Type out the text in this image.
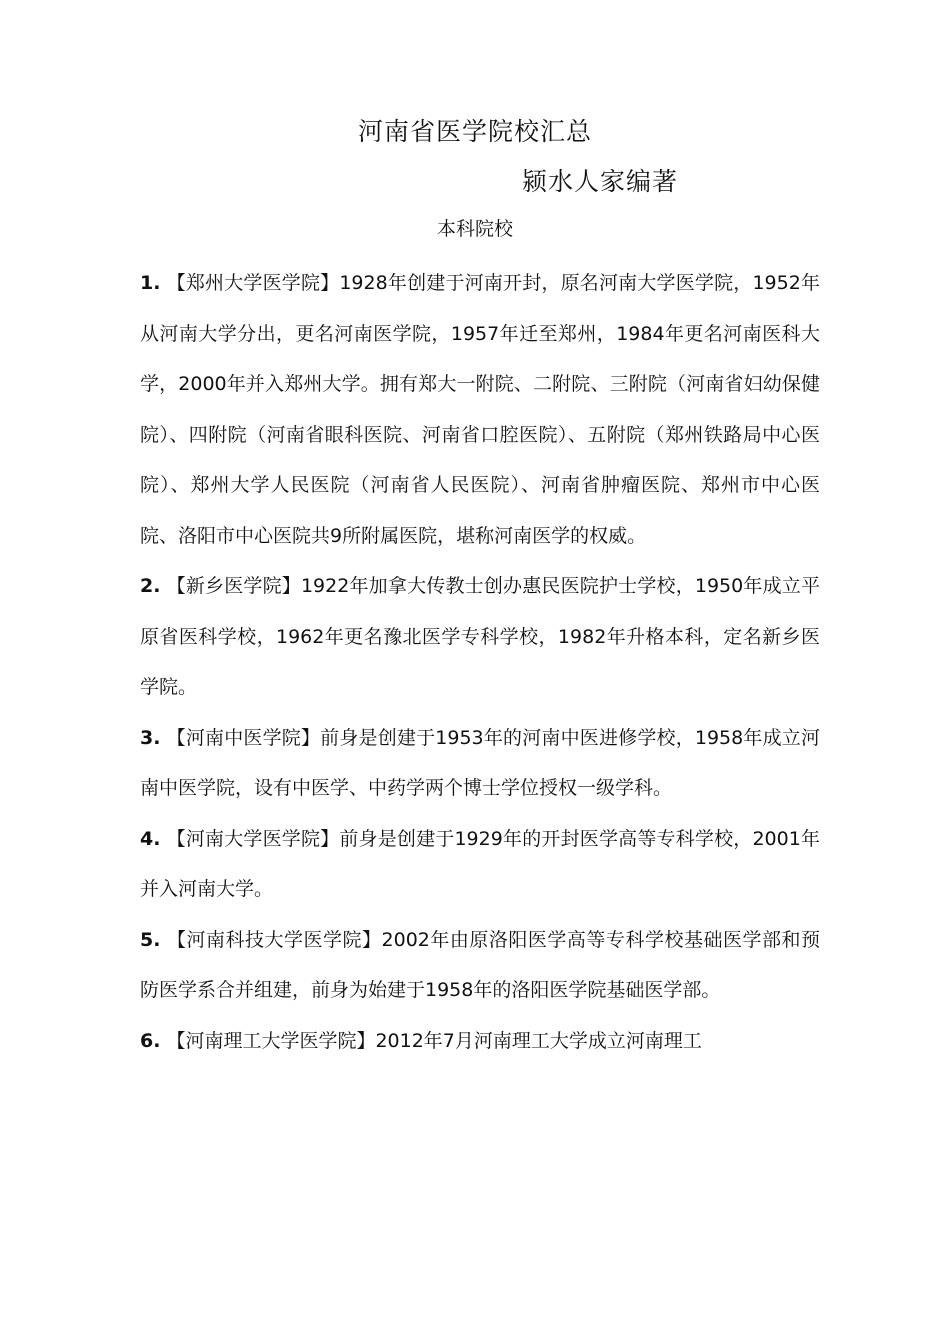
河南省医学院校汇总
颍水人家编著
本科院校

1. 【郑州大学医学院】1928年创建于河南开封，原名河南大学医学院，1952年从河南大学分出，更名河南医学院，1957年迁至郑州，1984年更名河南医科大学，2000年并入郑州大学。拥有郑大一附院、二附院、三附院（河南省妇幼保健院）、四附院（河南省眼科医院、河南省口腔医院）、五附院（郑州铁路局中心医院）、郑州大学人民医院（河南省人民医院）、河南省肿瘤医院、郑州市中心医院、洛阳市中心医院共9所附属医院，堪称河南医学的权威。

2. 【新乡医学院】1922年加拿大传教士创办惠民医院护士学校，1950年成立平原省医科学校，1962年更名豫北医学专科学校，1982年升格本科，定名新乡医学院。

3. 【河南中医学院】前身是创建于1953年的河南中医进修学校，1958年成立河南中医学院，设有中医学、中药学两个博士学位授权一级学科。

4. 【河南大学医学院】前身是创建于1929年的开封医学高等专科学校，2001年并入河南大学。

5. 【河南科技大学医学院】2002年由原洛阳医学高等专科学校基础医学部和预防医学系合并组建，前身为始建于1958年的洛阳医学院基础医学部。

6. 【河南理工大学医学院】2012年7月河南理工大学成立河南理工
